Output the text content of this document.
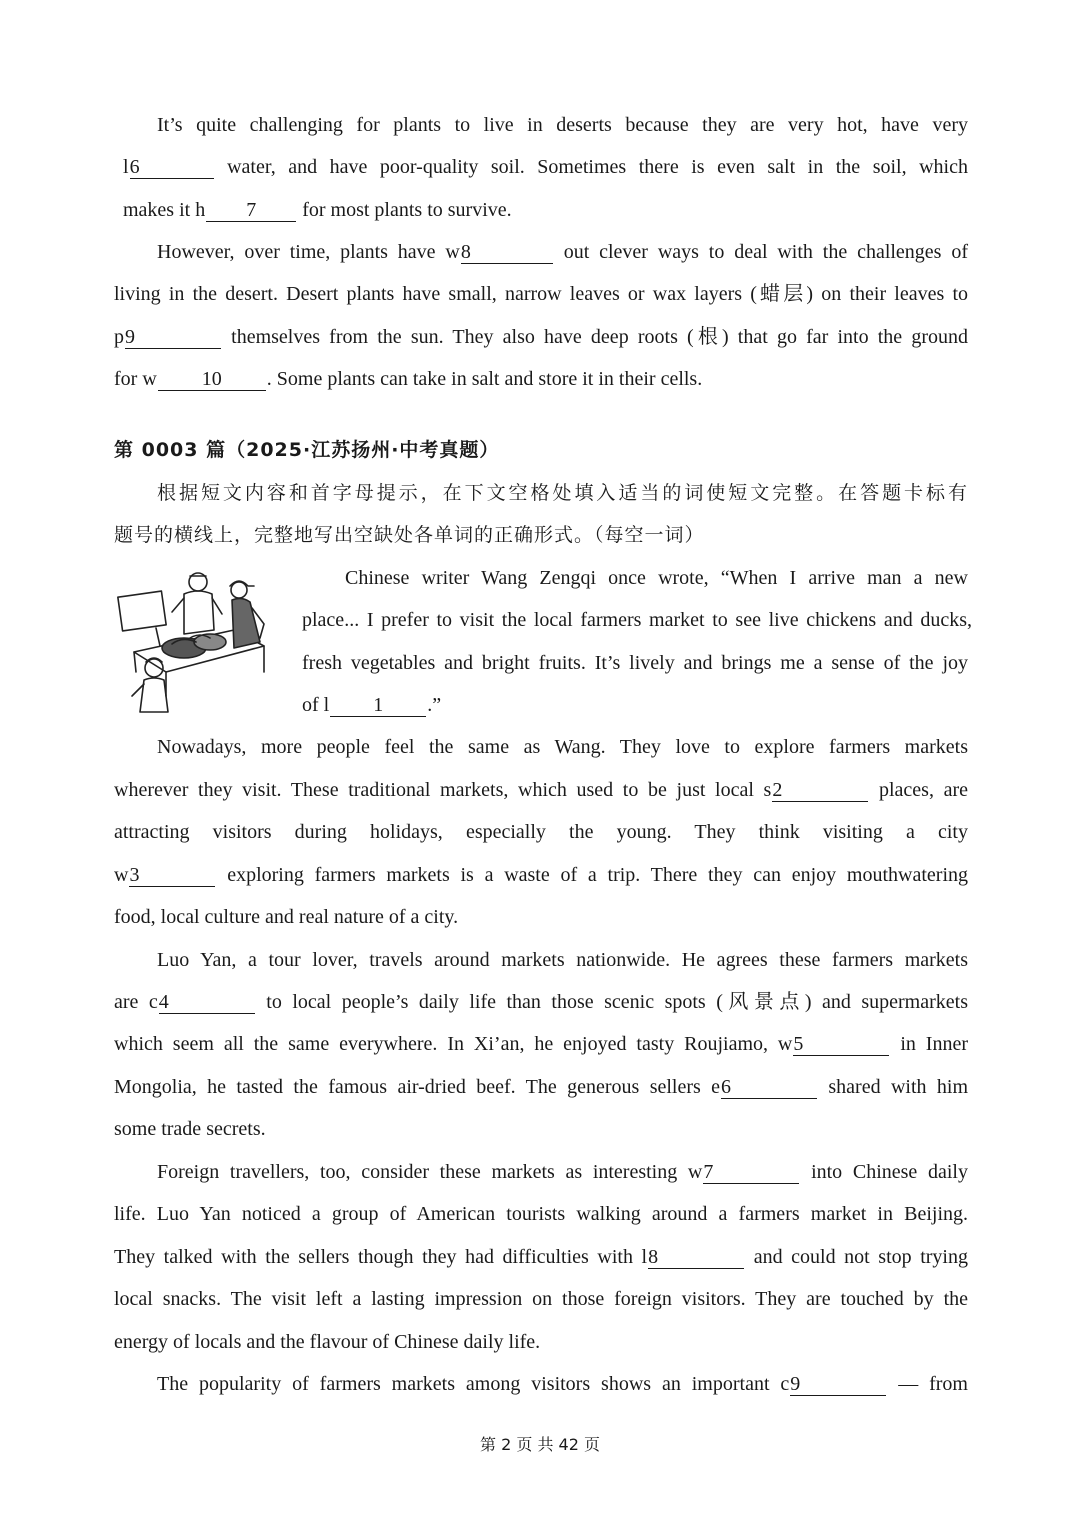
It’s quite challenging for plants to live in deserts because they are very hot, have very
l6	water, and have poor-quality soil. Sometimes there is even salt in the soil, which
makes it h 7 for most plants to survive.
However, over time, plants have w8	out clever ways to deal with the challenges of
living in the desert. Desert plants have small, narrow leaves or wax layers (蜡层) on their leaves to
p9	themselves from the sun. They also have deep roots (根) that go far into the ground
for w 10 . Some plants can take in salt and store it in their cells.
第 0003 篇（2025·江苏扬州·中考真题）
根据短文内容和首字母提示，在下文空格处填入适当的词使短文完整。在答题卡标有
题号的横线上，完整地写出空缺处各单词的正确形式。（每空一词）
Chinese writer Wang Zengqi once wrote, “When I arrive man a new
place... I prefer to visit the local farmers market to see live chickens and ducks,
fresh vegetables and bright fruits. It’s lively and brings me a sense of the joy
of l 1 .”
Nowadays, more people feel the same as Wang. They love to explore farmers markets
wherever they visit. These traditional markets, which used to be just local s2	places, are
attracting visitors during holidays, especially the young. They think visiting a city
w3	exploring farmers markets is a waste of a trip. There they can enjoy mouthwatering
food, local culture and real nature of a city.
Luo Yan, a tour lover, travels around markets nationwide. He agrees these farmers markets
are c4	to local people’s daily life than those scenic spots (风景点) and supermarkets
which seem all the same everywhere. In Xi’an, he enjoyed tasty Roujiamo, w5	in Inner
Mongolia, he tasted the famous air-dried beef. The generous sellers e6	shared with him
some trade secrets.
Foreign travellers, too, consider these markets as interesting w7	into Chinese daily
life. Luo Yan noticed a group of American tourists walking around a farmers market in Beijing.
They talked with the sellers though they had difficulties with l8	and could not stop trying
local snacks. The visit left a lasting impression on those foreign visitors. They are touched by the
energy of locals and the flavour of Chinese daily life.
The popularity of farmers markets among visitors shows an important c9	— from
第 2 页 共 42 页
